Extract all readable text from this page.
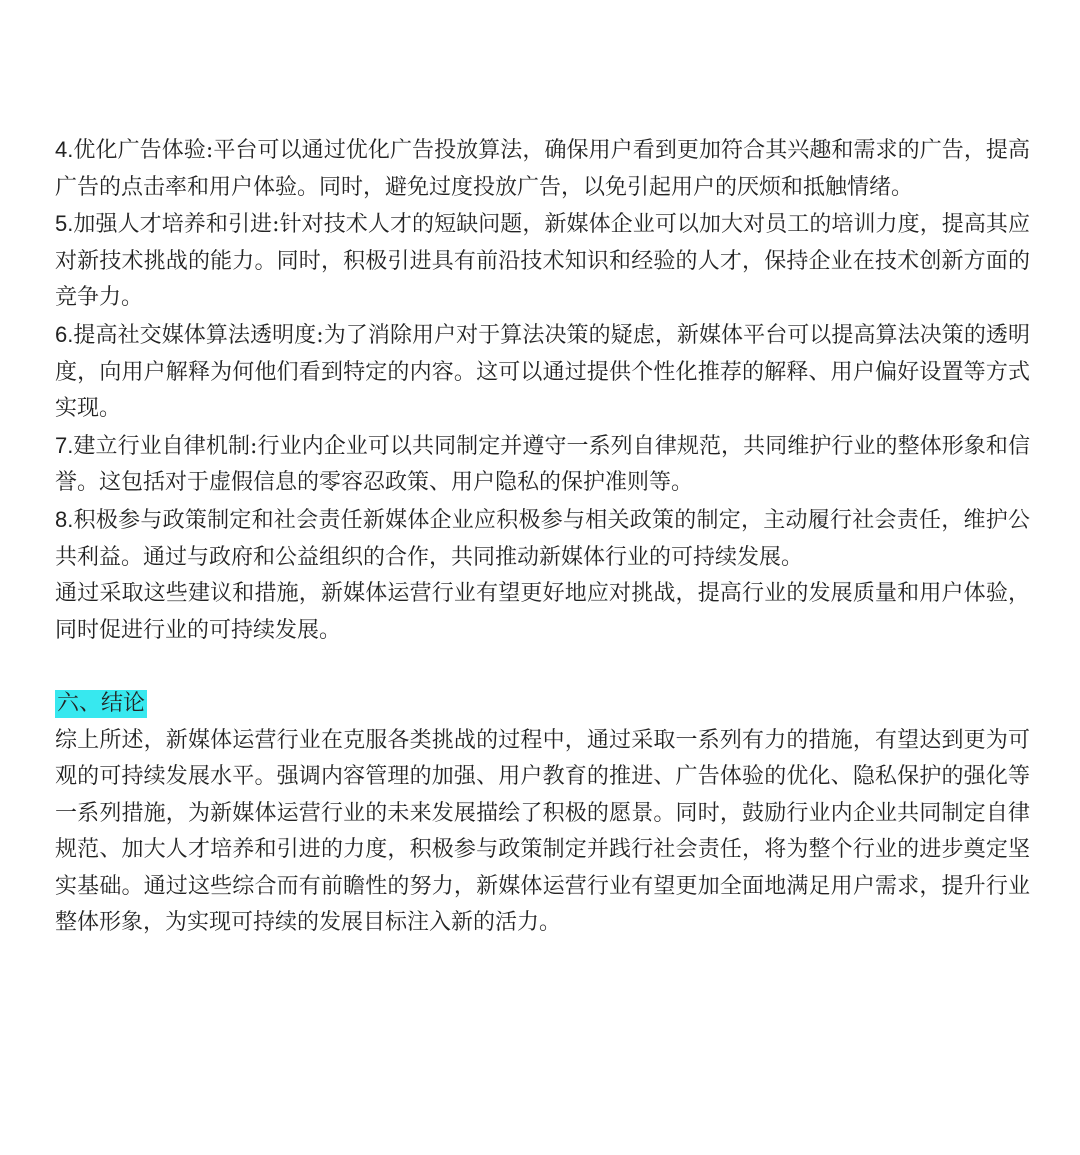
4.优化广告体验:平台可以通过优化广告投放算法，确保用户看到更加符合其兴趣和需求的广告，提高广告的点击率和用户体验。同时，避免过度投放广告，以免引起用户的厌烦和抵触情绪。

5.加强人才培养和引进:针对技术人才的短缺问题，新媒体企业可以加大对员工的培训力度，提高其应对新技术挑战的能力。同时，积极引进具有前沿技术知识和经验的人才，保持企业在技术创新方面的竞争力。

6.提高社交媒体算法透明度:为了消除用户对于算法决策的疑虑，新媒体平台可以提高算法决策的透明度，向用户解释为何他们看到特定的内容。这可以通过提供个性化推荐的解释、用户偏好设置等方式实现。

7.建立行业自律机制:行业内企业可以共同制定并遵守一系列自律规范，共同维护行业的整体形象和信誉。这包括对于虚假信息的零容忍政策、用户隐私的保护准则等。

8.积极参与政策制定和社会责任新媒体企业应积极参与相关政策的制定，主动履行社会责任，维护公共利益。通过与政府和公益组织的合作，共同推动新媒体行业的可持续发展。

通过采取这些建议和措施，新媒体运营行业有望更好地应对挑战，提高行业的发展质量和用户体验，同时促进行业的可持续发展。

六、结论

综上所述，新媒体运营行业在克服各类挑战的过程中，通过采取一系列有力的措施，有望达到更为可观的可持续发展水平。强调内容管理的加强、用户教育的推进、广告体验的优化、隐私保护的强化等一系列措施，为新媒体运营行业的未来发展描绘了积极的愿景。同时，鼓励行业内企业共同制定自律规范、加大人才培养和引进的力度，积极参与政策制定并践行社会责任，将为整个行业的进步奠定坚实基础。通过这些综合而有前瞻性的努力，新媒体运营行业有望更加全面地满足用户需求，提升行业整体形象，为实现可持续的发展目标注入新的活力。
